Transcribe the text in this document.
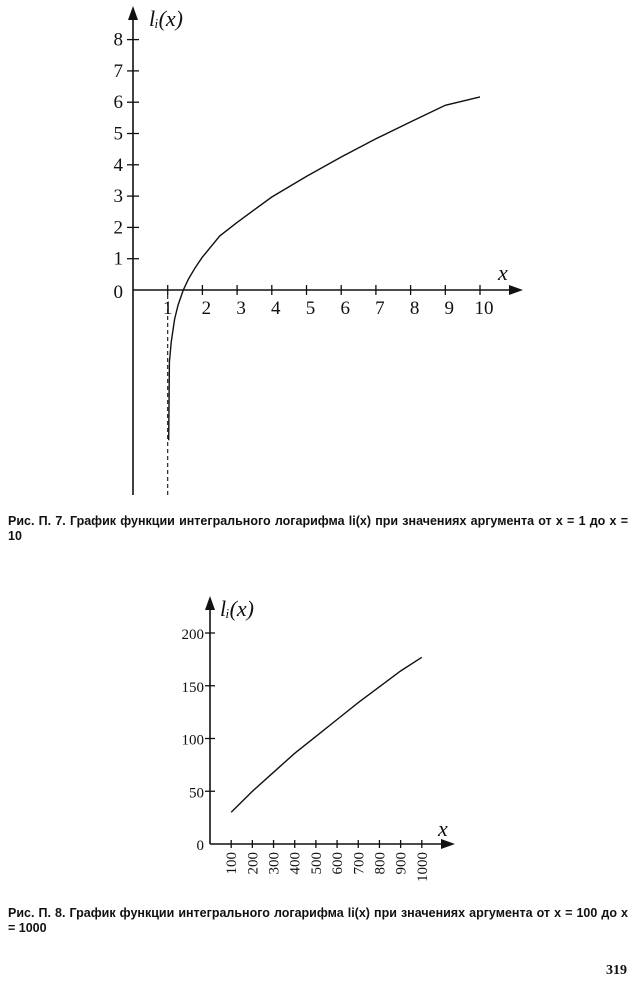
lᵢ(x)
x
0
1
2
3
4
5
6
7
8
1 2 3 4 5 6 7 8 9 10
Рис. П. 7. График функции интегрального логарифма li(x) при значениях аргумента от x = 1 до x = 10
lᵢ(x)
x
0
50
100
150
200
100 200 300 400 500 600 700 800 900 1000
Рис. П. 8. График функции интегрального логарифма li(x) при значениях аргумента от x = 100 до x = 1000
319
